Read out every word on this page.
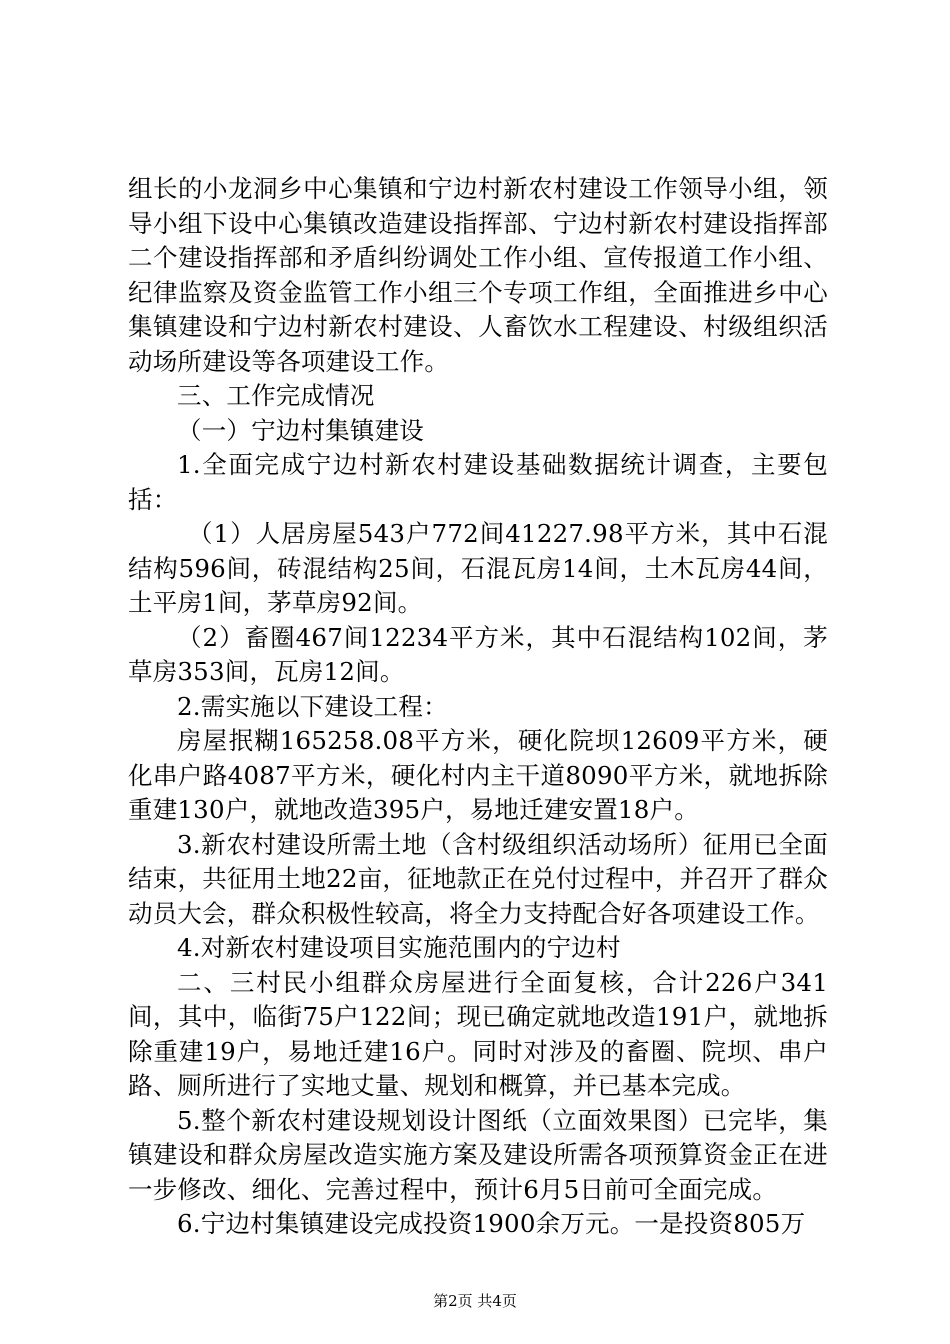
组长的小龙洞乡中心集镇和宁边村新农村建设工作领导小组，领导小组下设中心集镇改造建设指挥部、宁边村新农村建设指挥部二个建设指挥部和矛盾纠纷调处工作小组、宣传报道工作小组、纪律监察及资金监管工作小组三个专项工作组，全面推进乡中心集镇建设和宁边村新农村建设、人畜饮水工程建设、村级组织活动场所建设等各项建设工作。

三、工作完成情况

（一）宁边村集镇建设

1.全面完成宁边村新农村建设基础数据统计调查，主要包括：

（1）人居房屋543户772间41227.98平方米，其中石混结构596间，砖混结构25间，石混瓦房14间，土木瓦房44间，土平房1间，茅草房92间。

（2）畜圈467间12234平方米，其中石混结构102间，茅草房353间，瓦房12间。

2.需实施以下建设工程：

房屋抿糊165258.08平方米，硬化院坝12609平方米，硬化串户路4087平方米，硬化村内主干道8090平方米，就地拆除重建130户，就地改造395户，易地迁建安置18户。

3.新农村建设所需土地（含村级组织活动场所）征用已全面结束，共征用土地22亩，征地款正在兑付过程中，并召开了群众动员大会，群众积极性较高，将全力支持配合好各项建设工作。

4.对新农村建设项目实施范围内的宁边村

二、三村民小组群众房屋进行全面复核，合计226户341间，其中，临街75户122间；现已确定就地改造191户，就地拆除重建19户，易地迁建16户。同时对涉及的畜圈、院坝、串户路、厕所进行了实地丈量、规划和概算，并已基本完成。

5.整个新农村建设规划设计图纸（立面效果图）已完毕，集镇建设和群众房屋改造实施方案及建设所需各项预算资金正在进一步修改、细化、完善过程中，预计6月5日前可全面完成。

6.宁边村集镇建设完成投资1900余万元。一是投资805万

第2页 共4页
